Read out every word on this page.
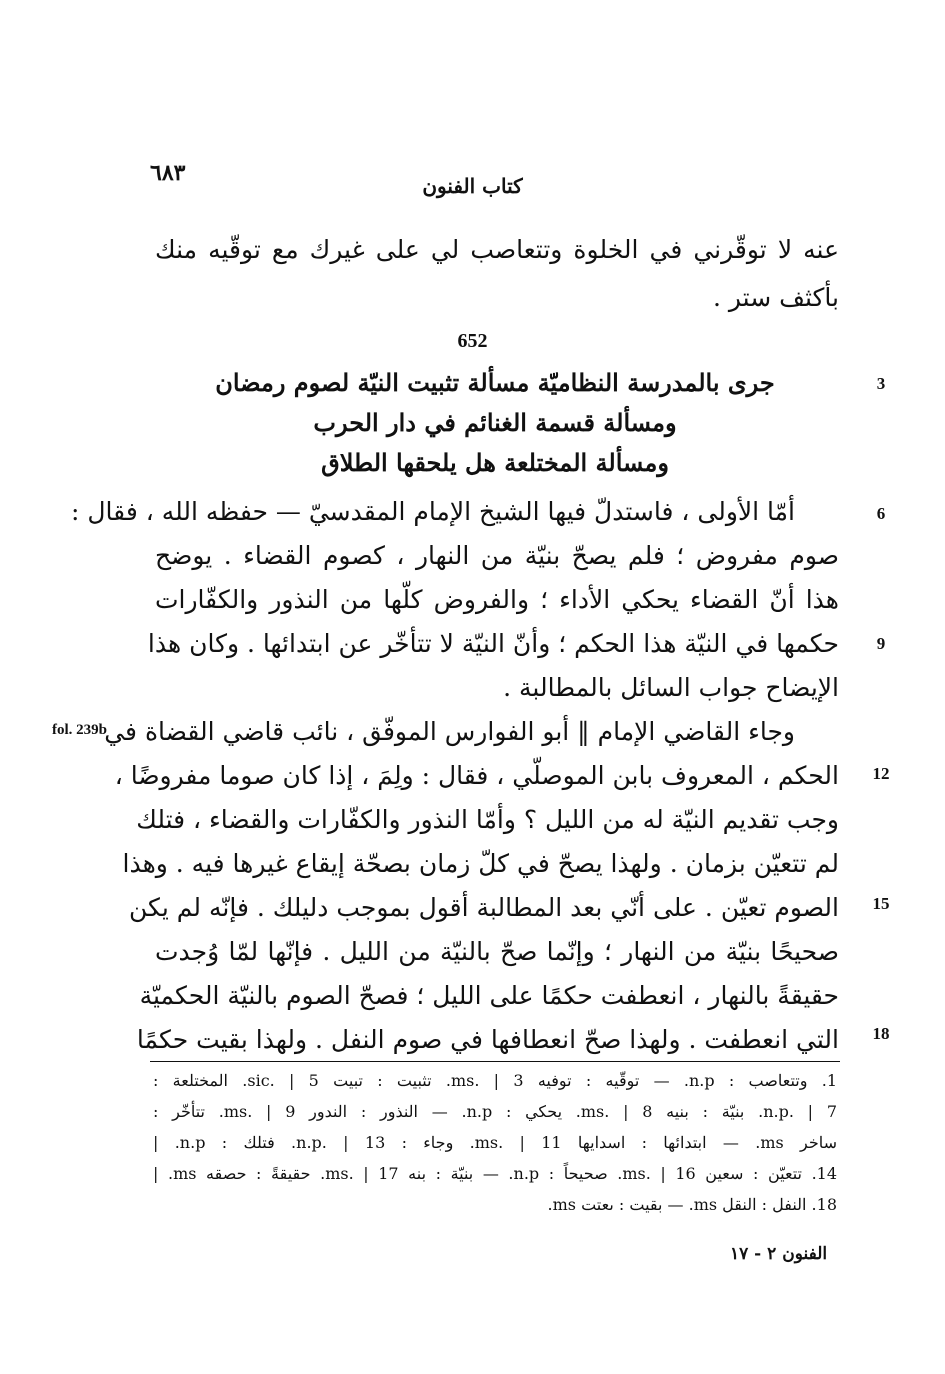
٦٨٣	كتاب الفنون
عنه لا توقّرني في الخلوة وتتعاصب لي على غيرك مع توقّيه منك
بأكثف ستر .
652
جرى بالمدرسة النظاميّة مسألة تثبيت النيّة لصوم رمضان
ومسألة قسمة الغنائم في دار الحرب
ومسألة المختلعة هل يلحقها الطلاق
3
6
9
12
15
18
fol. 239b
أمّا الأولى ، فاستدلّ فيها الشيخ الإمام المقدسيّ — حفظه الله ، فقال :
صوم مفروض ؛ فلم يصحّ بنيّة من النهار ، كصوم القضاء . يوضح
هذا أنّ القضاء يحكي الأداء ؛ والفروض كلّها من النذور والكفّارات
حكمها في النيّة هذا الحكم ؛ وأنّ النيّة لا تتأخّر عن ابتدائها . وكان هذا
الإيضاح جواب السائل بالمطالبة .
وجاء القاضي الإمام ‖ أبو الفوارس الموفّق ، نائب قاضي القضاة في
الحكم ، المعروف بابن الموصلّي ، فقال : ولِمَ ، إذا كان صوما مفروضًا ،
وجب تقديم النيّة له من الليل ؟ وأمّا النذور والكفّارات والقضاء ، فتلك
لم تتعيّن بزمان . ولهذا يصحّ في كلّ زمان بصحّة إيقاع غيرها فيه . وهذا
الصوم تعيّن . على أنّي بعد المطالبة أقول بموجب دليلك . فإنّه لم يكن
صحيحًا بنيّة من النهار ؛ وإنّما صحّ بالنيّة من الليل . فإنّها لمّا وُجدت
حقيقةً بالنهار ، انعطفت حكمًا على الليل ؛ فصحّ الصوم بالنيّة الحكميّة
التي انعطفت . ولهذا صحّ انعطافها في صوم النفل . ولهذا بقيت حكمًا
1. وتتعاصب : n.p. — توقّيه : توفيه ms. | 3. تثبيت : تبيت sic. | 5. المختلعة :
n.p. | 7. بنيّة : بنيه ms. | 8. يحكي : n.p. — النذور : الندور ms. | 9. تتأخّر :
ساخر ms. — ابتدائها : اسدايها ms. | 11. وجاء : n.p. | 13. فتلك : n.p. |
14. تتعيّن : سعين ms. | 16. صحيحاً : n.p. — بنيّة : بنه ms. | 17. حقيقةً : حصقه ms. |
18. النفل : النقل ms. — بقيت : ىعتت ms.
الفنون ٢ - ١٧
